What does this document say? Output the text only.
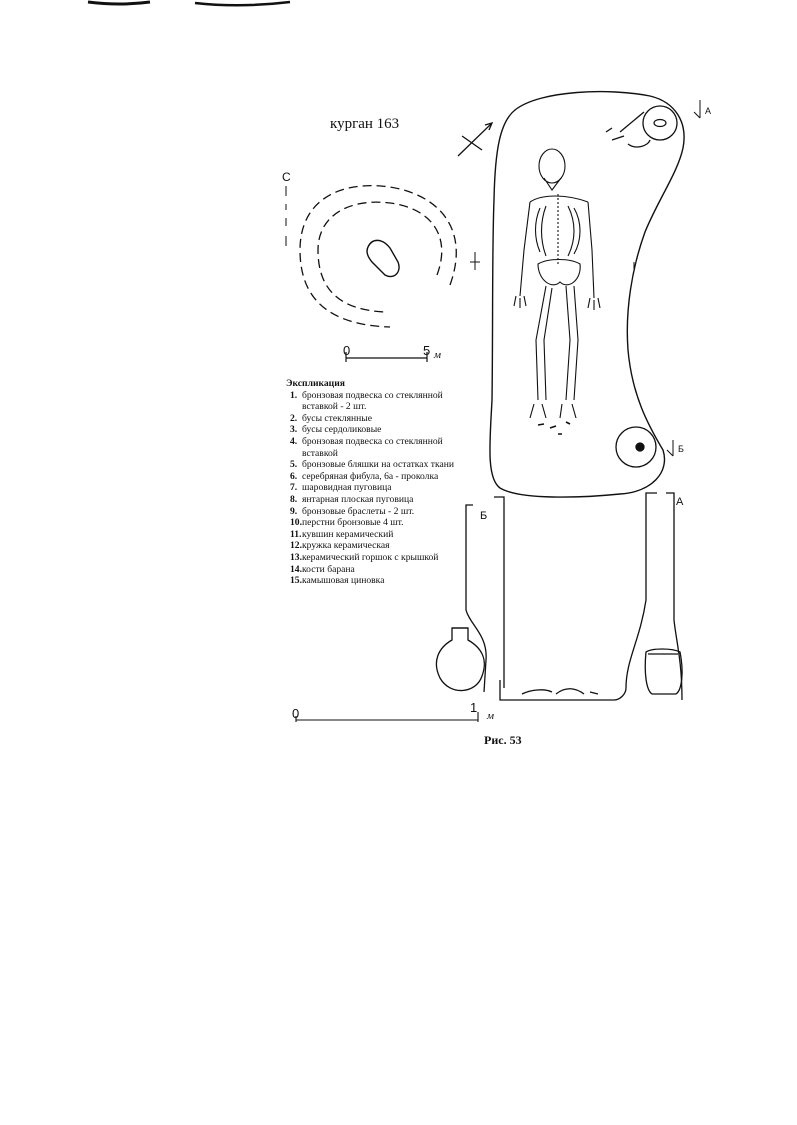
курган 163
С
0	5 м
А
Б
Б
А
0	1
м
Экспликация
1. бронзовая подвеска со стеклянной вставкой - 2 шт.
2. бусы стеклянные
3. бусы сердоликовые
4. бронзовая подвеска со стеклянной вставкой
5. бронзовые бляшки на остатках ткани
6. серебряная фибула, 6а - проколка
7. шаровидная пуговица
8. янтарная плоская пуговица
9. бронзовые браслеты - 2 шт.
10. перстни бронзовые 4 шт.
11. кувшин керамический
12. кружка керамическая
13. керамический горшок с крышкой
14. кости барана
15. камышовая циновка
Рис. 53
